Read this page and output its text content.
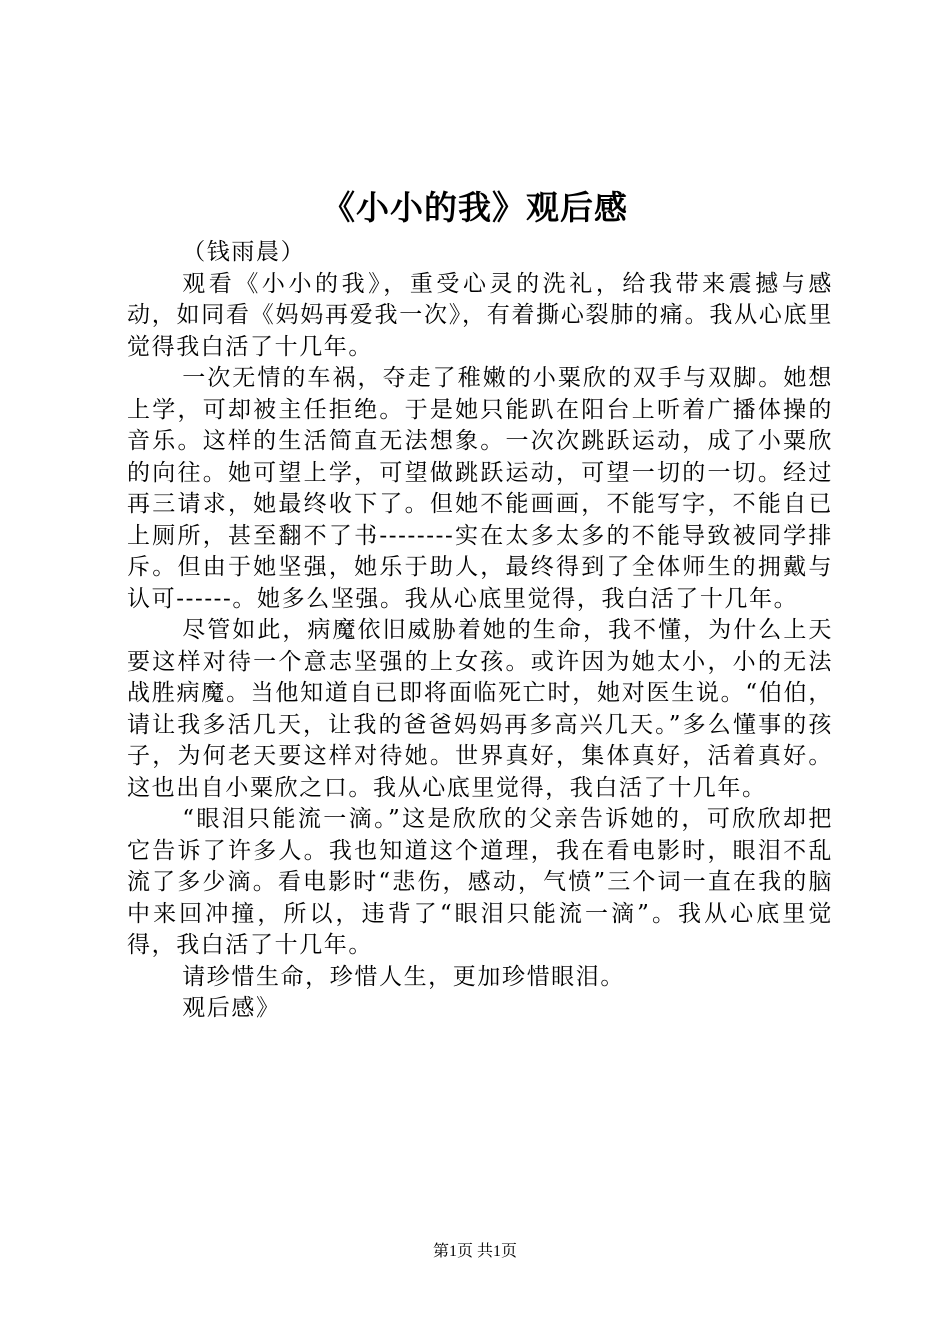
《小小的我》观后感

（钱雨晨）

观看《小小的我》，重受心灵的洗礼，给我带来震撼与感动，如同看《妈妈再爱我一次》，有着撕心裂肺的痛。我从心底里觉得我白活了十几年。

一次无情的车祸，夺走了稚嫩的小粟欣的双手与双脚。她想上学，可却被主任拒绝。于是她只能趴在阳台上听着广播体操的音乐。这样的生活简直无法想象。一次次跳跃运动，成了小粟欣的向往。她可望上学，可望做跳跃运动，可望一切的一切。经过再三请求，她最终收下了。但她不能画画，不能写字，不能自已上厕所，甚至翻不了书--------实在太多太多的不能导致被同学排斥。但由于她坚强，她乐于助人，最终得到了全体师生的拥戴与认可------。她多么坚强。我从心底里觉得，我白活了十几年。

尽管如此，病魔依旧威胁着她的生命，我不懂，为什么上天要这样对待一个意志坚强的上女孩。或许因为她太小，小的无法战胜病魔。当他知道自已即将面临死亡时，她对医生说。“伯伯，请让我多活几天，让我的爸爸妈妈再多高兴几天。”多么懂事的孩子，为何老天要这样对待她。世界真好，集体真好，活着真好。这也出自小粟欣之口。我从心底里觉得，我白活了十几年。

“眼泪只能流一滴。”这是欣欣的父亲告诉她的，可欣欣却把它告诉了许多人。我也知道这个道理，我在看电影时，眼泪不乱流了多少滴。看电影时“悲伤，感动，气愤”三个词一直在我的脑中来回冲撞，所以，违背了“眼泪只能流一滴”。我从心底里觉得，我白活了十几年。

请珍惜生命，珍惜人生，更加珍惜眼泪。

观后感》

第1页 共1页
